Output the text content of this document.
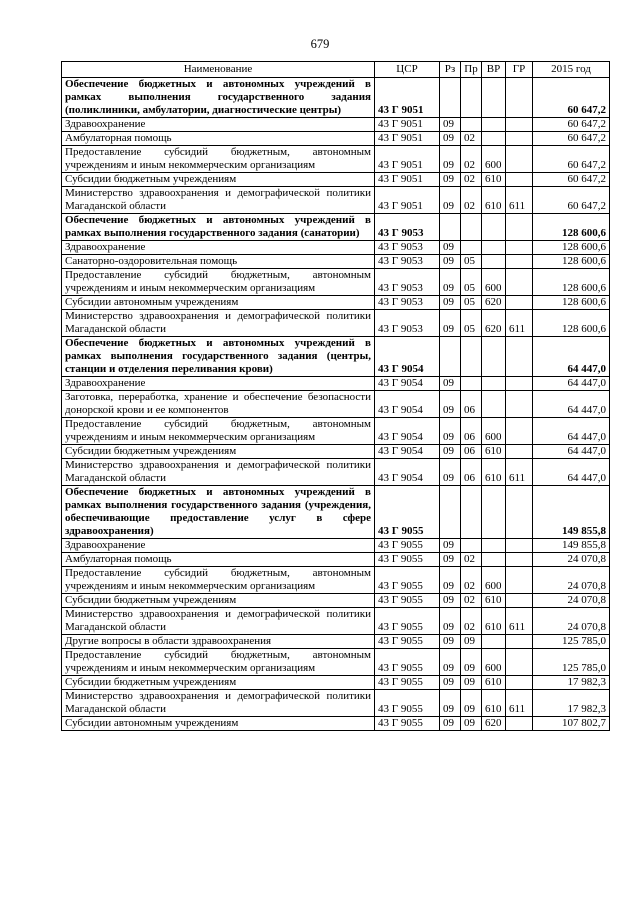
679
Наименование	ЦСР	Рз	Пр	ВР	ГР	2015 год
Обеспечение бюджетных и автономных учреждений в рамках выполнения государственного задания (поликлиники, амбулатории, диагностические центры)	43 Г 9051					60 647,2
Здравоохранение	43 Г 9051	09				60 647,2
Амбулаторная помощь	43 Г 9051	09	02			60 647,2
Предоставление субсидий бюджетным, автономным учреждениям и иным некоммерческим организациям	43 Г 9051	09	02	600		60 647,2
Субсидии бюджетным учреждениям	43 Г 9051	09	02	610		60 647,2
Министерство здравоохранения и демографической политики Магаданской области	43 Г 9051	09	02	610	611	60 647,2
Обеспечение бюджетных и автономных учреждений в рамках выполнения государственного задания (санатории)	43 Г 9053					128 600,6
Здравоохранение	43 Г 9053	09				128 600,6
Санаторно-оздоровительная помощь	43 Г 9053	09	05			128 600,6
Предоставление субсидий бюджетным, автономным учреждениям и иным некоммерческим организациям	43 Г 9053	09	05	600		128 600,6
Субсидии автономным учреждениям	43 Г 9053	09	05	620		128 600,6
Министерство здравоохранения и демографической политики Магаданской области	43 Г 9053	09	05	620	611	128 600,6
Обеспечение бюджетных и автономных учреждений в рамках выполнения государственного задания (центры, станции и отделения переливания крови)	43 Г 9054					64 447,0
Здравоохранение	43 Г 9054	09				64 447,0
Заготовка, переработка, хранение и обеспечение безопасности донорской крови и ее компонентов	43 Г 9054	09	06			64 447,0
Предоставление субсидий бюджетным, автономным учреждениям и иным некоммерческим организациям	43 Г 9054	09	06	600		64 447,0
Субсидии бюджетным учреждениям	43 Г 9054	09	06	610		64 447,0
Министерство здравоохранения и демографической политики Магаданской области	43 Г 9054	09	06	610	611	64 447,0
Обеспечение бюджетных и автономных учреждений в рамках выполнения государственного задания (учреждения, обеспечивающие предоставление услуг в сфере здравоохранения)	43 Г 9055					149 855,8
Здравоохранение	43 Г 9055	09				149 855,8
Амбулаторная помощь	43 Г 9055	09	02			24 070,8
Предоставление субсидий бюджетным, автономным учреждениям и иным некоммерческим организациям	43 Г 9055	09	02	600		24 070,8
Субсидии бюджетным учреждениям	43 Г 9055	09	02	610		24 070,8
Министерство здравоохранения и демографической политики Магаданской области	43 Г 9055	09	02	610	611	24 070,8
Другие вопросы в области здравоохранения	43 Г 9055	09	09			125 785,0
Предоставление субсидий бюджетным, автономным учреждениям и иным некоммерческим организациям	43 Г 9055	09	09	600		125 785,0
Субсидии бюджетным учреждениям	43 Г 9055	09	09	610		17 982,3
Министерство здравоохранения и демографической политики Магаданской области	43 Г 9055	09	09	610	611	17 982,3
Субсидии автономным учреждениям	43 Г 9055	09	09	620		107 802,7
